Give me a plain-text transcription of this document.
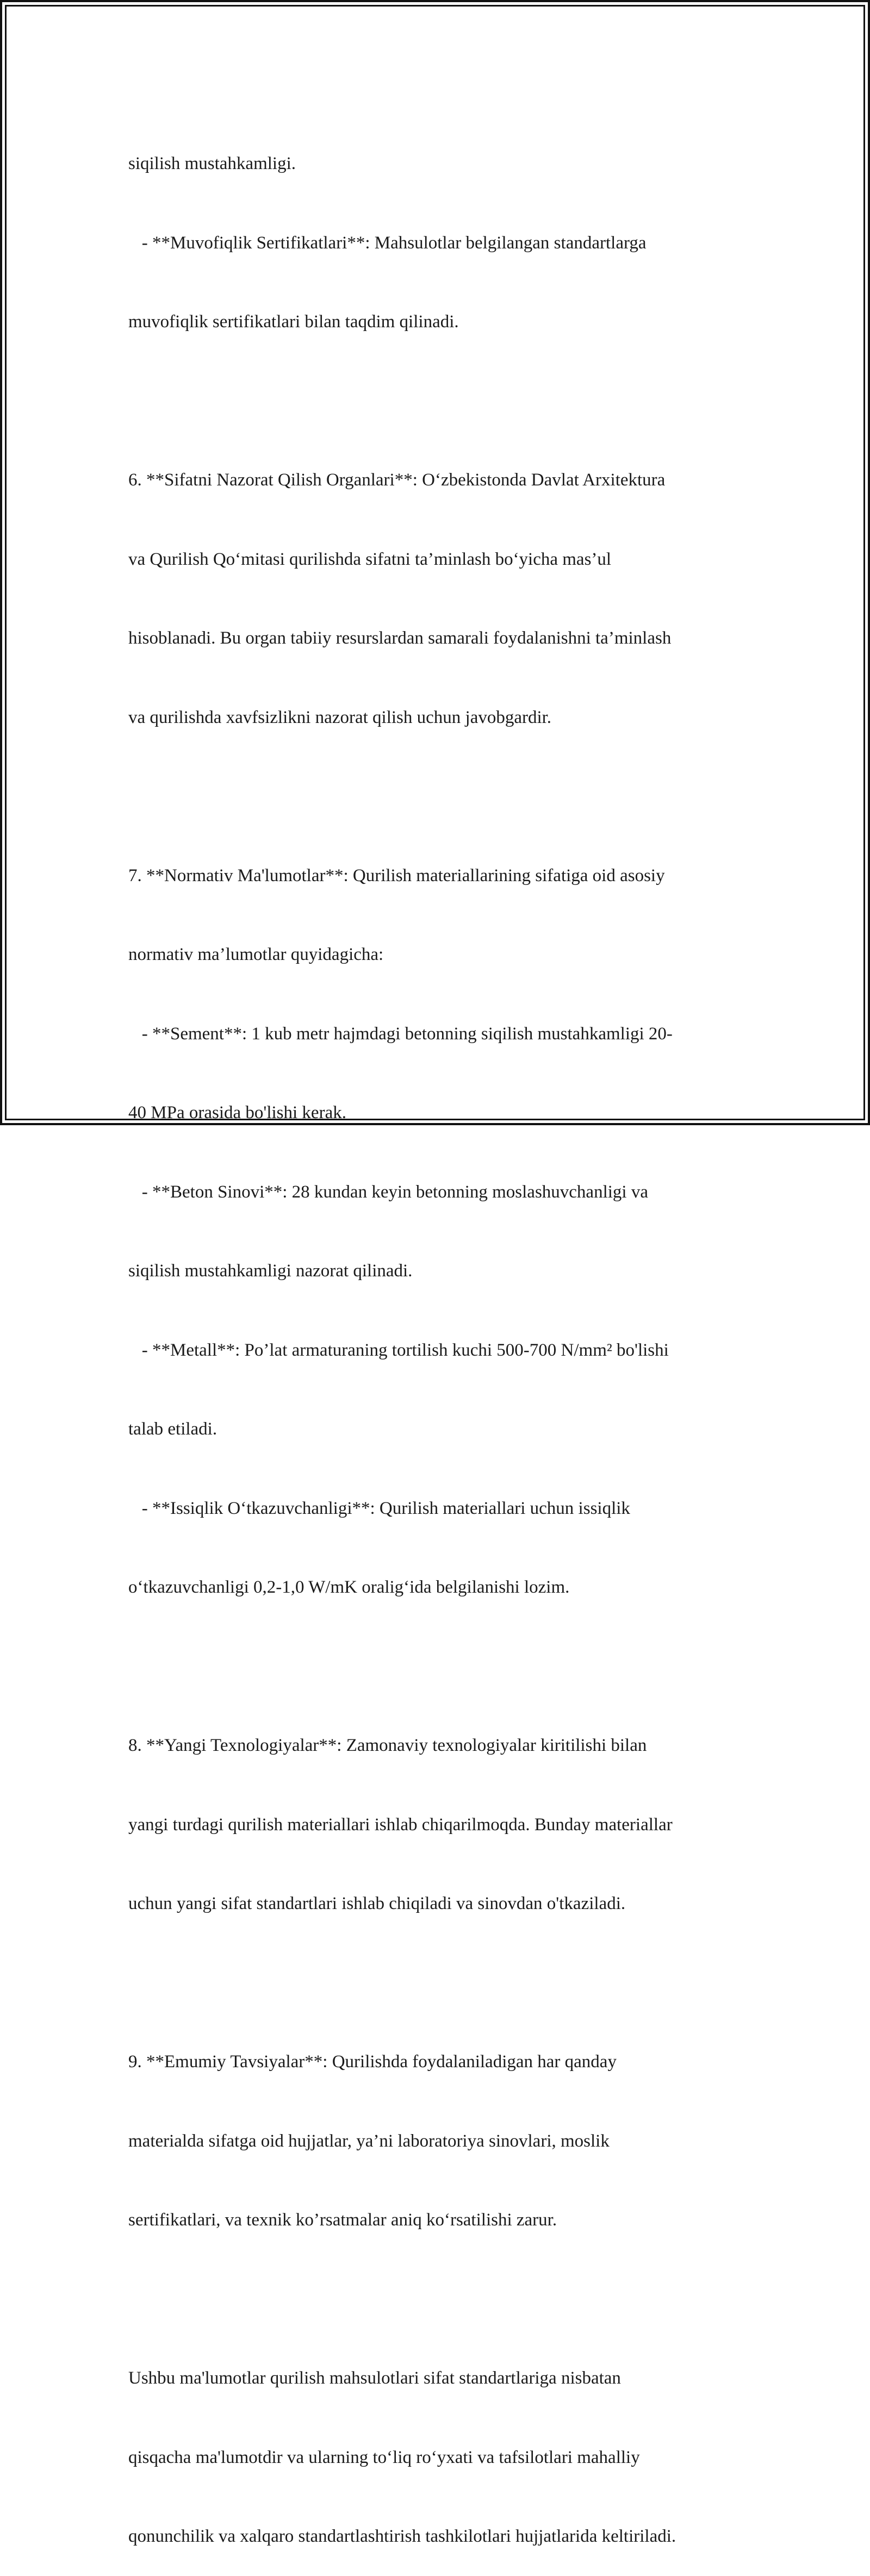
siqilish mustahkamligi.

- **Muvofiqlik Sertifikatlari**: Mahsulotlar belgilangan standartlarga

muvofiqlik sertifikatlari bilan taqdim qilinadi.

6. **Sifatni Nazorat Qilish Organlari**: O‘zbekistonda Davlat Arxitektura

va Qurilish Qo‘mitasi qurilishda sifatni ta’minlash bo‘yicha mas’ul

hisoblanadi. Bu organ tabiiy resurslardan samarali foydalanishni ta’minlash

va qurilishda xavfsizlikni nazorat qilish uchun javobgardir.

7. **Normativ Ma'lumotlar**: Qurilish materiallarining sifatiga oid asosiy

normativ ma’lumotlar quyidagicha:

- **Sement**: 1 kub metr hajmdagi betonning siqilish mustahkamligi 20-

40 MPa orasida bo'lishi kerak.

- **Beton Sinovi**: 28 kundan keyin betonning moslashuvchanligi va

siqilish mustahkamligi nazorat qilinadi.

- **Metall**: Po’lat armaturaning tortilish kuchi 500-700 N/mm² bo'lishi

talab etiladi.

- **Issiqlik O‘tkazuvchanligi**: Qurilish materiallari uchun issiqlik

o‘tkazuvchanligi 0,2-1,0 W/mK oralig‘ida belgilanishi lozim.

8. **Yangi Texnologiyalar**: Zamonaviy texnologiyalar kiritilishi bilan

yangi turdagi qurilish materiallari ishlab chiqarilmoqda. Bunday materiallar

uchun yangi sifat standartlari ishlab chiqiladi va sinovdan o'tkaziladi.

9. **Emumiy Tavsiyalar**: Qurilishda foydalaniladigan har qanday

materialda sifatga oid hujjatlar, ya’ni laboratoriya sinovlari, moslik

sertifikatlari, va texnik ko’rsatmalar aniq ko‘rsatilishi zarur.

Ushbu ma'lumotlar qurilish mahsulotlari sifat standartlariga nisbatan

qisqacha ma'lumotdir va ularning to‘liq ro‘yxati va tafsilotlari mahalliy

qonunchilik va xalqaro standartlashtirish tashkilotlari hujjatlarida keltiriladi.
